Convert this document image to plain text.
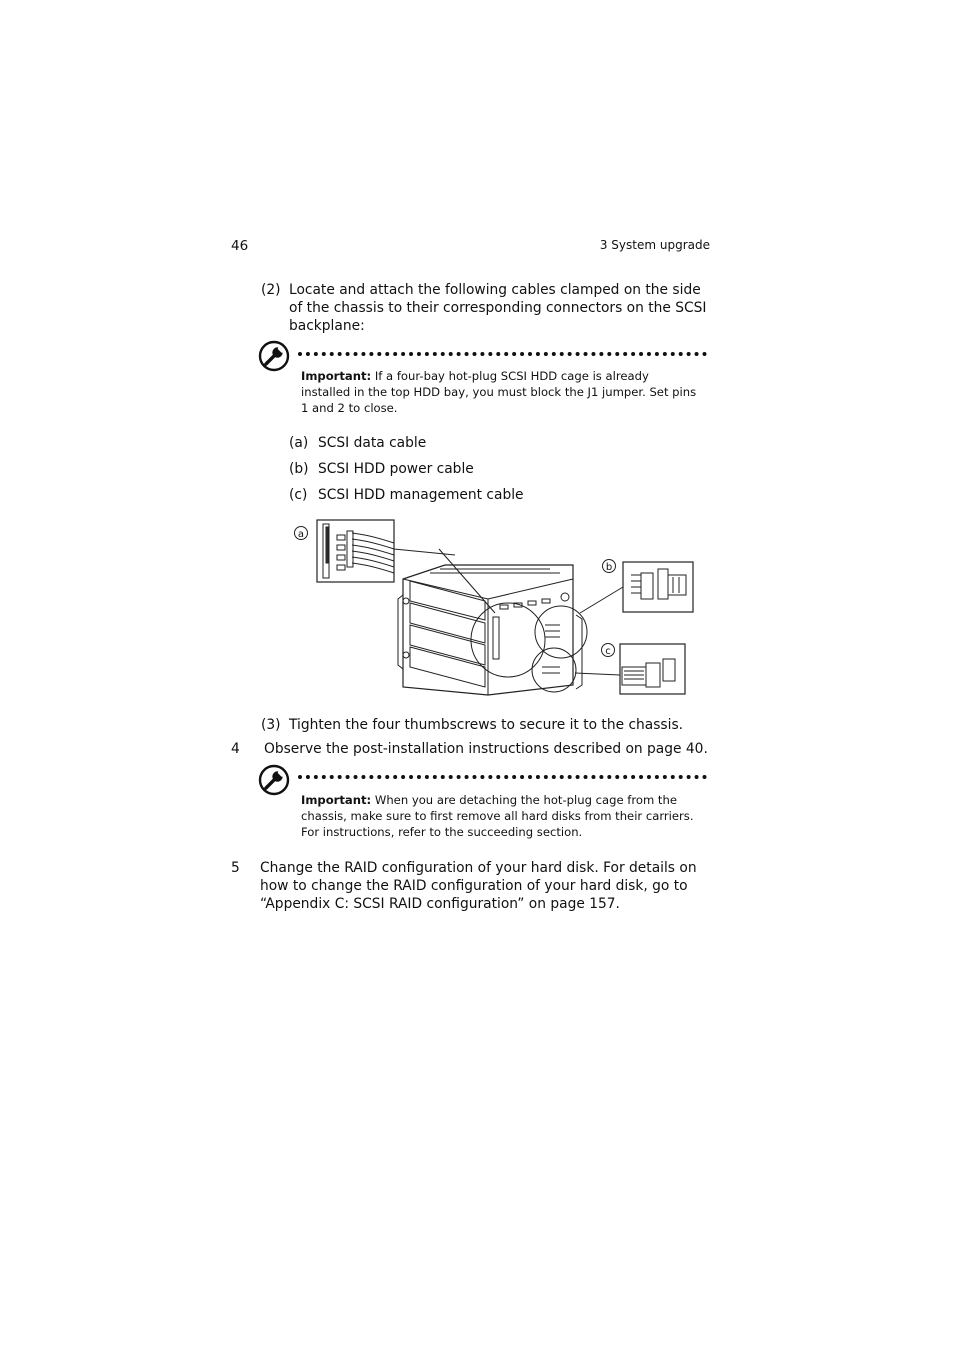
46	3 System upgrade
(2) Locate and attach the following cables clamped on the side of the chassis to their corresponding connectors on the SCSI backplane:
Important: If a four-bay hot-plug SCSI HDD cage is already installed in the top HDD bay, you must block the J1 jumper. Set pins 1 and 2 to close.
(a) SCSI data cable
(b) SCSI HDD power cable
(c) SCSI HDD management cable
a
b
c
(3) Tighten the four thumbscrews to secure it to the chassis.
4 Observe the post-installation instructions described on page 40.
Important: When you are detaching the hot-plug cage from the chassis, make sure to first remove all hard disks from their carriers. For instructions, refer to the succeeding section.
5 Change the RAID configuration of your hard disk. For details on how to change the RAID configuration of your hard disk, go to “Appendix C: SCSI RAID configuration” on page 157.
